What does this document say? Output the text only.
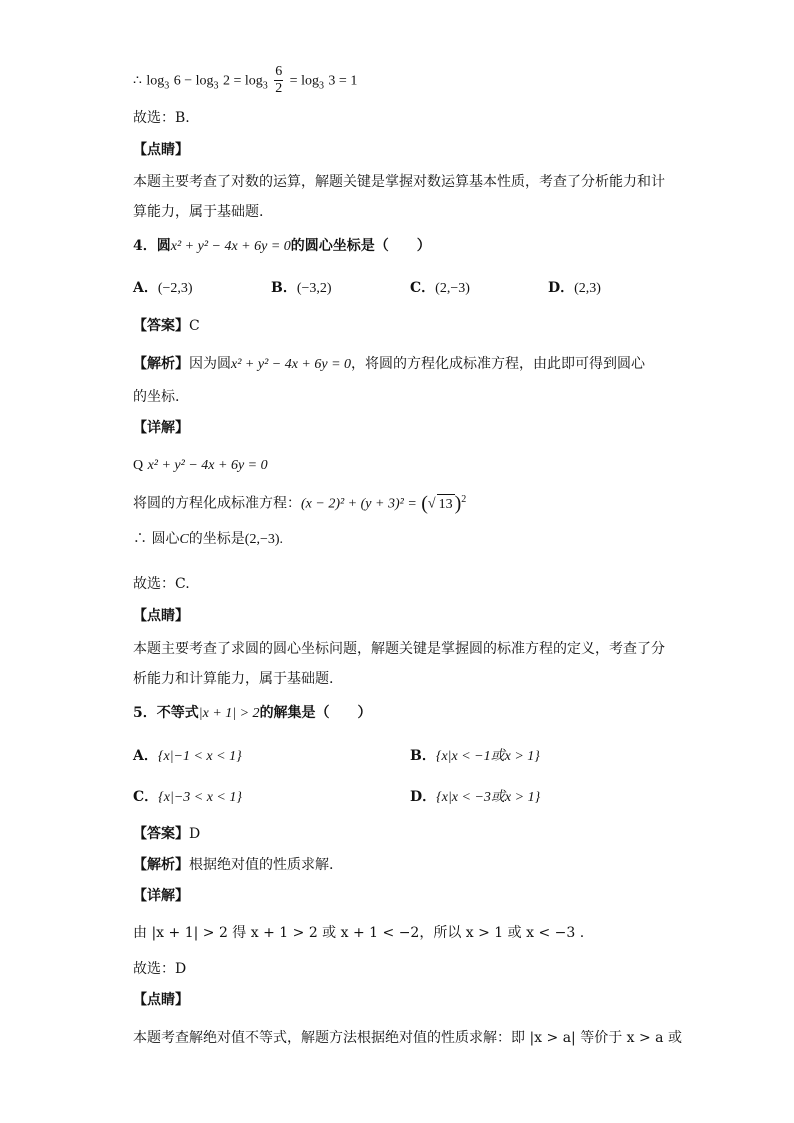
∴ $\log_3 6 - \log_3 2 = \log_3 \frac{6}{2} = \log_3 3 = 1$
故选：B.
【点睛】
本题主要考查了对数的运算，解题关键是掌握对数运算基本性质，考查了分析能力和计
算能力，属于基础题.
4．圆x² + y² − 4x + 6y = 0的圆心坐标是（　　）
A．(−2,3)	B．(−3,2)	C．(2,−3)	D．(2,3)
【答案】C
【解析】因为圆x² + y² − 4x + 6y = 0，将圆的方程化成标准方程，由此即可得到圆心
的坐标.
【详解】
Q x² + y² − 4x + 6y = 0
将圆的方程化成标准方程：(x − 2)² + (y + 3)² = (√ 13 )$^2$
∴ 圆心C的坐标是(2,−3).
故选：C.
【点睛】
本题主要考查了求圆的圆心坐标问题，解题关键是掌握圆的标准方程的定义，考查了分
析能力和计算能力，属于基础题.
5．不等式|x + 1| > 2的解集是（　　）
A．{x|−1 < x < 1}	B．{x|x < −1或x > 1}
C．{x|−3 < x < 1}	D．{x|x < −3或x > 1}
【答案】D
【解析】根据绝对值的性质求解.
【详解】
由 |x + 1| > 2 得 x + 1 > 2 或 x + 1 < −2，所以 x > 1 或 x < −3 .
故选：D
【点睛】
本题考查解绝对值不等式，解题方法根据绝对值的性质求解：即 |x > a| 等价于 x > a 或
